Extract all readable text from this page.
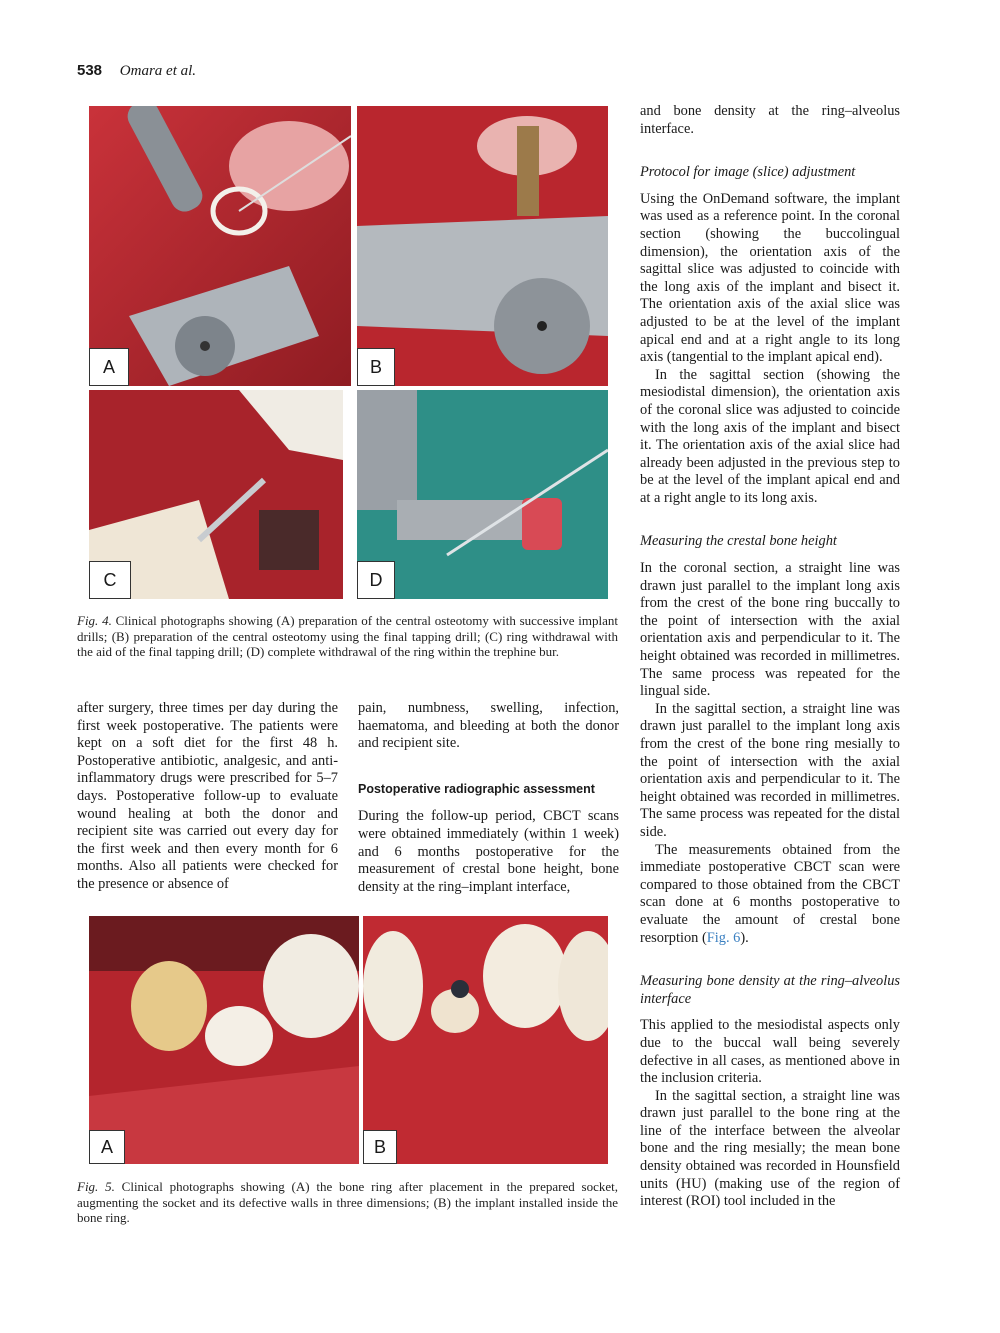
538 Omara et al.
A	B
C	D
Fig. 4. Clinical photographs showing (A) preparation of the central osteotomy with successive implant drills; (B) preparation of the central osteotomy using the final tapping drill; (C) ring withdrawal with the aid of the final tapping drill; (D) complete withdrawal of the ring within the trephine bur.

after surgery, three times per day during the first week postoperative. The patients were kept on a soft diet for the first 48 h. Postoperative antibiotic, analgesic, and anti-inflammatory drugs were prescribed for 5–7 days. Postoperative follow-up to evaluate wound healing at both the donor and recipient site was carried out every day for the first week and then every month for 6 months. Also all patients were checked for the presence or absence of

pain, numbness, swelling, infection, haematoma, and bleeding at both the donor and recipient site.

Postoperative radiographic assessment

During the follow-up period, CBCT scans were obtained immediately (within 1 week) and 6 months postoperative for the measurement of crestal bone height, bone density at the ring–implant interface,

A	B
Fig. 5. Clinical photographs showing (A) the bone ring after placement in the prepared socket, augmenting the socket and its defective walls in three dimensions; (B) the implant installed inside the bone ring.

and bone density at the ring–alveolus interface.

Protocol for image (slice) adjustment

Using the OnDemand software, the implant was used as a reference point. In the coronal section (showing the buccolingual dimension), the orientation axis of the sagittal slice was adjusted to coincide with the long axis of the implant and bisect it. The orientation axis of the axial slice was adjusted to be at the level of the implant apical end and at a right angle to its long axis (tangential to the implant apical end).

In the sagittal section (showing the mesiodistal dimension), the orientation axis of the coronal slice was adjusted to coincide with the long axis of the implant and bisect it. The orientation axis of the axial slice had already been adjusted in the previous step to be at the level of the implant apical end and at a right angle to its long axis.

Measuring the crestal bone height

In the coronal section, a straight line was drawn just parallel to the implant long axis from the crest of the bone ring buccally to the point of intersection with the axial orientation axis and perpendicular to it. The height obtained was recorded in millimetres. The same process was repeated for the lingual side.

In the sagittal section, a straight line was drawn just parallel to the implant long axis from the crest of the bone ring mesially to the point of intersection with the axial orientation axis and perpendicular to it. The height obtained was recorded in millimetres. The same process was repeated for the distal side.

The measurements obtained from the immediate postoperative CBCT scan were compared to those obtained from the CBCT scan done at 6 months postoperative to evaluate the amount of crestal bone resorption (Fig. 6).

Measuring bone density at the ring–alveolus interface

This applied to the mesiodistal aspects only due to the buccal wall being severely defective in all cases, as mentioned above in the inclusion criteria.

In the sagittal section, a straight line was drawn just parallel to the bone ring at the line of the interface between the alveolar bone and the ring mesially; the mean bone density obtained was recorded in Hounsfield units (HU) (making use of the region of interest (ROI) tool included in the
